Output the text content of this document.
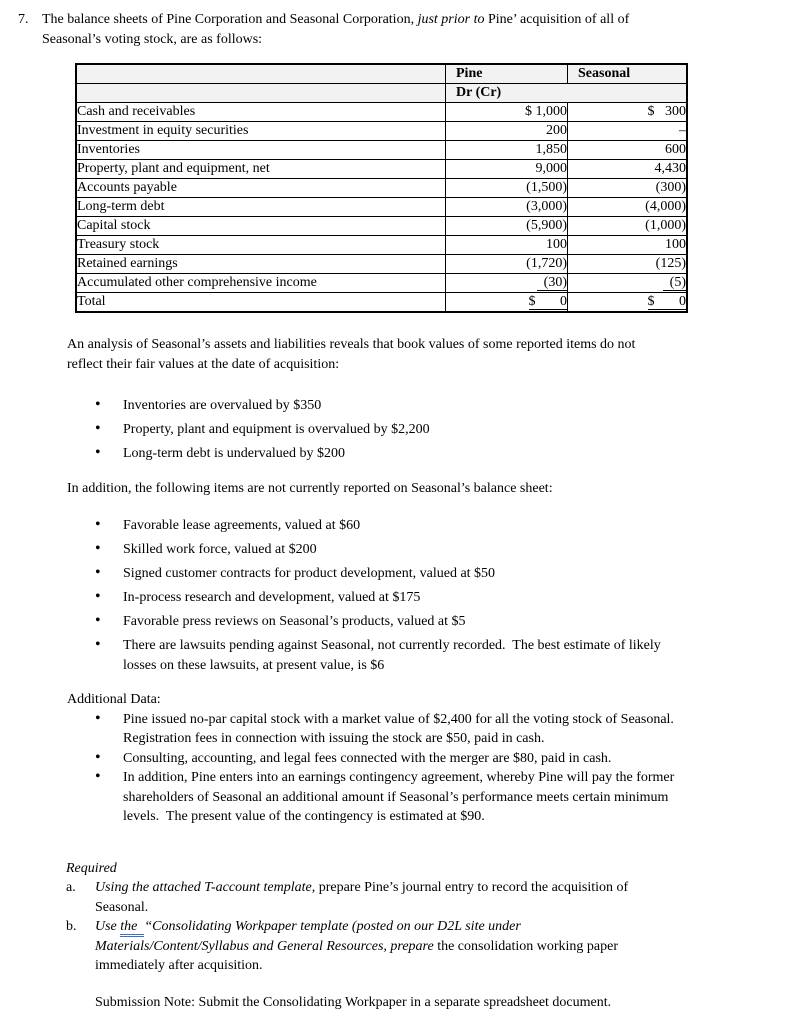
7. The balance sheets of Pine Corporation and Seasonal Corporation, just prior to Pine’ acquisition of all of
Seasonal’s voting stock, are as follows:
	Pine	Seasonal
	Dr (Cr)	
Cash and receivables	$ 1,000	$   300
Investment in equity securities	200	–
Inventories	1,850	600
Property, plant and equipment, net	9,000	4,430
Accounts payable	(1,500)	(300)
Long-term debt	(3,000)	(4,000)
Capital stock	(5,900)	(1,000)
Treasury stock	100	100
Retained earnings	(1,720)	(125)
Accumulated other comprehensive income	(30)	(5)
Total	$       0	$       0
An analysis of Seasonal’s assets and liabilities reveals that book values of some reported items do not
reflect their fair values at the date of acquisition:
• Inventories are overvalued by $350
• Property, plant and equipment is overvalued by $2,200
• Long-term debt is undervalued by $200
In addition, the following items are not currently reported on Seasonal’s balance sheet:
• Favorable lease agreements, valued at $60
• Skilled work force, valued at $200
• Signed customer contracts for product development, valued at $50
• In-process research and development, valued at $175
• Favorable press reviews on Seasonal’s products, valued at $5
• There are lawsuits pending against Seasonal, not currently recorded.  The best estimate of likely
losses on these lawsuits, at present value, is $6
Additional Data:
• Pine issued no-par capital stock with a market value of $2,400 for all the voting stock of Seasonal.
Registration fees in connection with issuing the stock are $50, paid in cash.
• Consulting, accounting, and legal fees connected with the merger are $80, paid in cash.
• In addition, Pine enters into an earnings contingency agreement, whereby Pine will pay the former
shareholders of Seasonal an additional amount if Seasonal’s performance meets certain minimum
levels.  The present value of the contingency is estimated at $90.
Required
a.	Using the attached T-account template, prepare Pine’s journal entry to record the acquisition of
Seasonal.
b.	Use the  “Consolidating Workpaper template (posted on our D2L site under
Materials/Content/Syllabus and General Resources, prepare the consolidation working paper
immediately after acquisition.
Submission Note: Submit the Consolidating Workpaper in a separate spreadsheet document.
